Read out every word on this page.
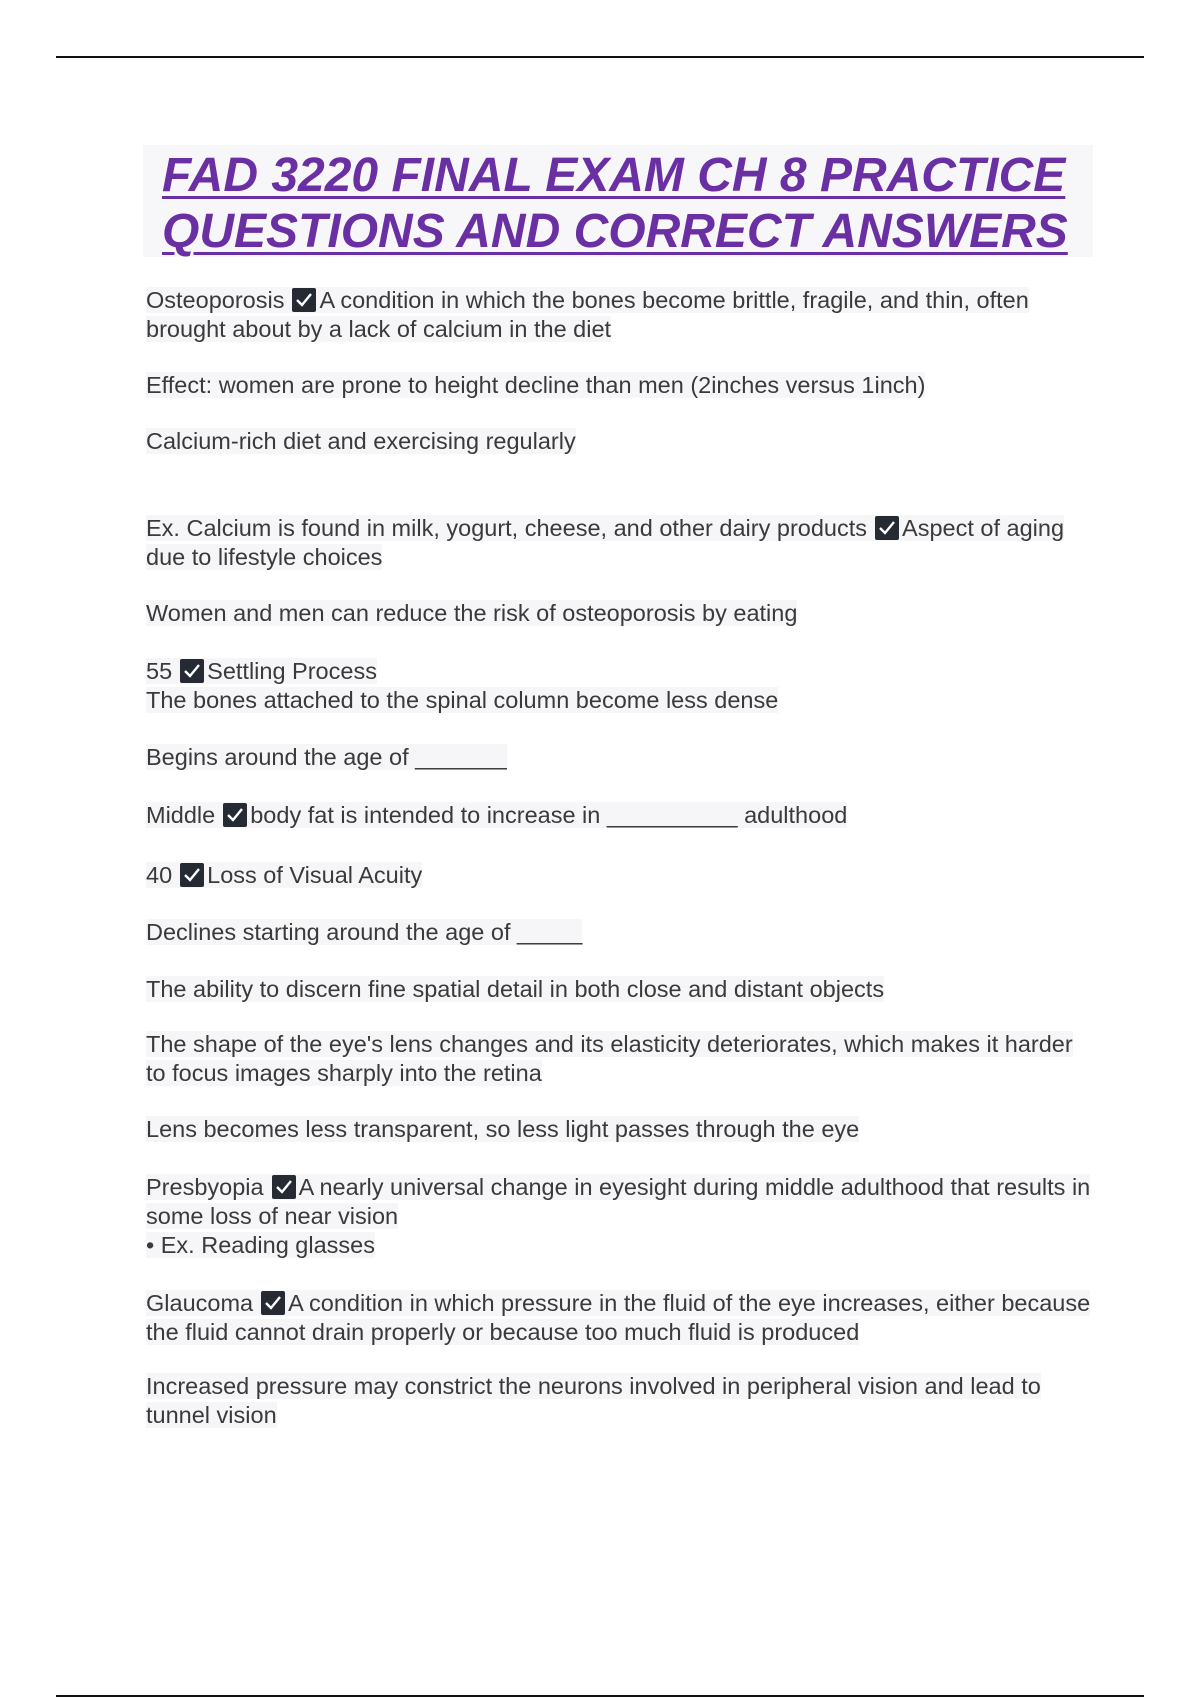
FAD 3220 FINAL EXAM CH 8 PRACTICE
QUESTIONS AND CORRECT ANSWERS
Osteoporosis A condition in which the bones become brittle, fragile, and thin, often brought about by a lack of calcium in the diet
Effect: women are prone to height decline than men (2inches versus 1inch)
Calcium-rich diet and exercising regularly
Ex. Calcium is found in milk, yogurt, cheese, and other dairy products Aspect of aging due to lifestyle choices
Women and men can reduce the risk of osteoporosis by eating
55 Settling Process
The bones attached to the spinal column become less dense
Begins around the age of _______
Middle body fat is intended to increase in __________ adulthood
40 Loss of Visual Acuity
Declines starting around the age of _____
The ability to discern fine spatial detail in both close and distant objects
The shape of the eye's lens changes and its elasticity deteriorates, which makes it harder to focus images sharply into the retina
Lens becomes less transparent, so less light passes through the eye
Presbyopia A nearly universal change in eyesight during middle adulthood that results in some loss of near vision
• Ex. Reading glasses
Glaucoma A condition in which pressure in the fluid of the eye increases, either because the fluid cannot drain properly or because too much fluid is produced
Increased pressure may constrict the neurons involved in peripheral vision and lead to tunnel vision
